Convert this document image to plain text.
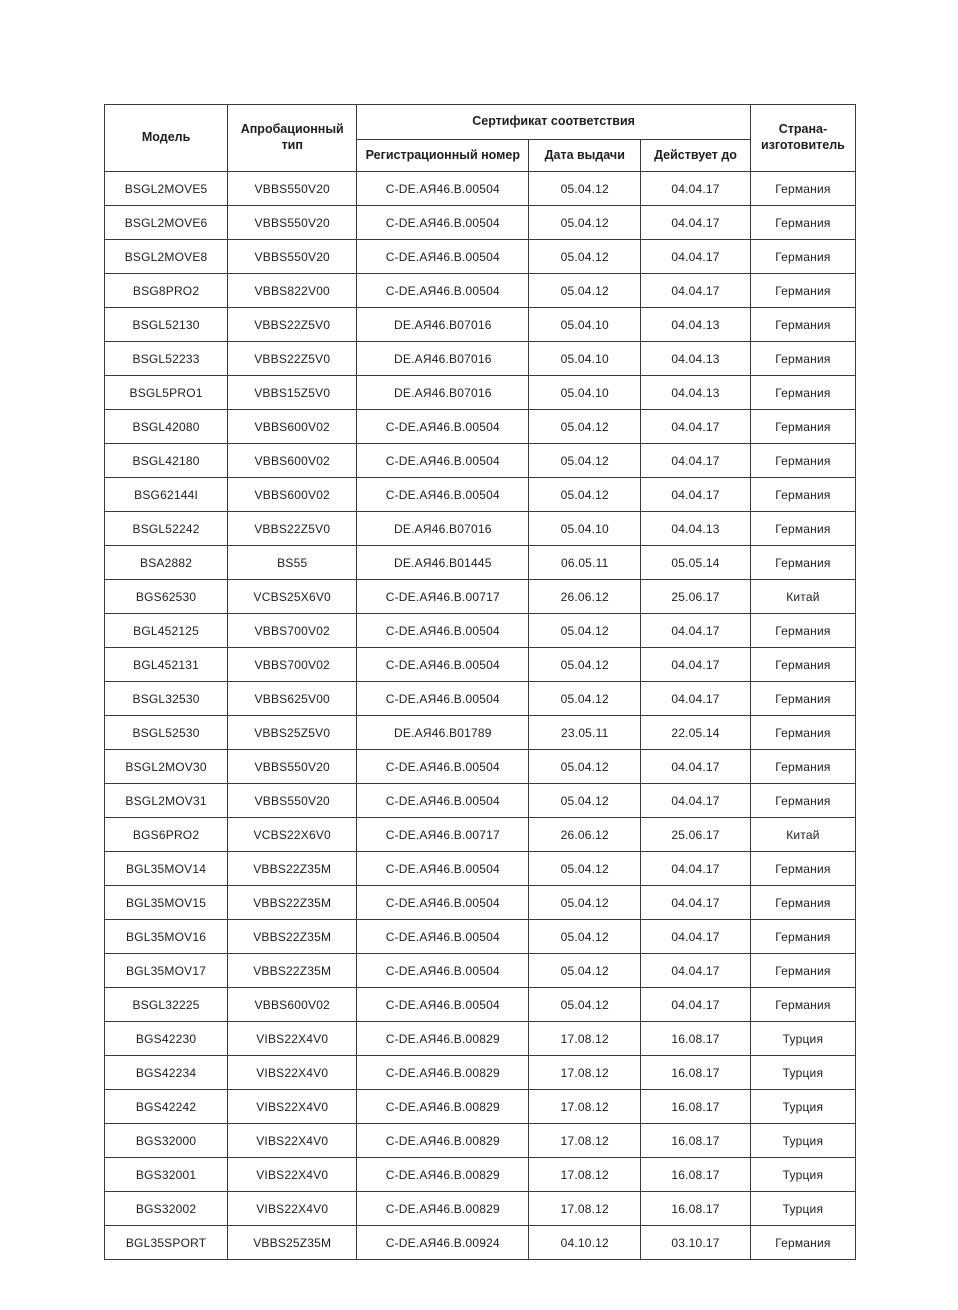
Модель	Апробационный тип	Сертификат соответствия			Страна-изготовитель
		Регистрационный номер	Дата выдачи	Действует до	
BSGL2MOVE5	VBBS550V20	C-DE.АЯ46.B.00504	05.04.12	04.04.17	Германия
BSGL2MOVE6	VBBS550V20	C-DE.АЯ46.B.00504	05.04.12	04.04.17	Германия
BSGL2MOVE8	VBBS550V20	C-DE.АЯ46.B.00504	05.04.12	04.04.17	Германия
BSG8PRO2	VBBS822V00	C-DE.АЯ46.B.00504	05.04.12	04.04.17	Германия
BSGL52130	VBBS22Z5V0	DE.АЯ46.B07016	05.04.10	04.04.13	Германия
BSGL52233	VBBS22Z5V0	DE.АЯ46.B07016	05.04.10	04.04.13	Германия
BSGL5PRO1	VBBS15Z5V0	DE.АЯ46.B07016	05.04.10	04.04.13	Германия
BSGL42080	VBBS600V02	C-DE.АЯ46.B.00504	05.04.12	04.04.17	Германия
BSGL42180	VBBS600V02	C-DE.АЯ46.B.00504	05.04.12	04.04.17	Германия
BSG62144I	VBBS600V02	C-DE.АЯ46.B.00504	05.04.12	04.04.17	Германия
BSGL52242	VBBS22Z5V0	DE.АЯ46.B07016	05.04.10	04.04.13	Германия
BSA2882	BS55	DE.АЯ46.B01445	06.05.11	05.05.14	Германия
BGS62530	VCBS25X6V0	C-DE.АЯ46.B.00717	26.06.12	25.06.17	Китай
BGL452125	VBBS700V02	C-DE.АЯ46.B.00504	05.04.12	04.04.17	Германия
BGL452131	VBBS700V02	C-DE.АЯ46.B.00504	05.04.12	04.04.17	Германия
BSGL32530	VBBS625V00	C-DE.АЯ46.B.00504	05.04.12	04.04.17	Германия
BSGL52530	VBBS25Z5V0	DE.АЯ46.B01789	23.05.11	22.05.14	Германия
BSGL2MOV30	VBBS550V20	C-DE.АЯ46.B.00504	05.04.12	04.04.17	Германия
BSGL2MOV31	VBBS550V20	C-DE.АЯ46.B.00504	05.04.12	04.04.17	Германия
BGS6PRO2	VCBS22X6V0	C-DE.АЯ46.B.00717	26.06.12	25.06.17	Китай
BGL35MOV14	VBBS22Z35M	C-DE.АЯ46.B.00504	05.04.12	04.04.17	Германия
BGL35MOV15	VBBS22Z35M	C-DE.АЯ46.B.00504	05.04.12	04.04.17	Германия
BGL35MOV16	VBBS22Z35M	C-DE.АЯ46.B.00504	05.04.12	04.04.17	Германия
BGL35MOV17	VBBS22Z35M	C-DE.АЯ46.B.00504	05.04.12	04.04.17	Германия
BSGL32225	VBBS600V02	C-DE.АЯ46.B.00504	05.04.12	04.04.17	Германия
BGS42230	VIBS22X4V0	C-DE.АЯ46.B.00829	17.08.12	16.08.17	Турция
BGS42234	VIBS22X4V0	C-DE.АЯ46.B.00829	17.08.12	16.08.17	Турция
BGS42242	VIBS22X4V0	C-DE.АЯ46.B.00829	17.08.12	16.08.17	Турция
BGS32000	VIBS22X4V0	C-DE.АЯ46.B.00829	17.08.12	16.08.17	Турция
BGS32001	VIBS22X4V0	C-DE.АЯ46.B.00829	17.08.12	16.08.17	Турция
BGS32002	VIBS22X4V0	C-DE.АЯ46.B.00829	17.08.12	16.08.17	Турция
BGL35SPORT	VBBS25Z35M	C-DE.АЯ46.B.00924	04.10.12	03.10.17	Германия
